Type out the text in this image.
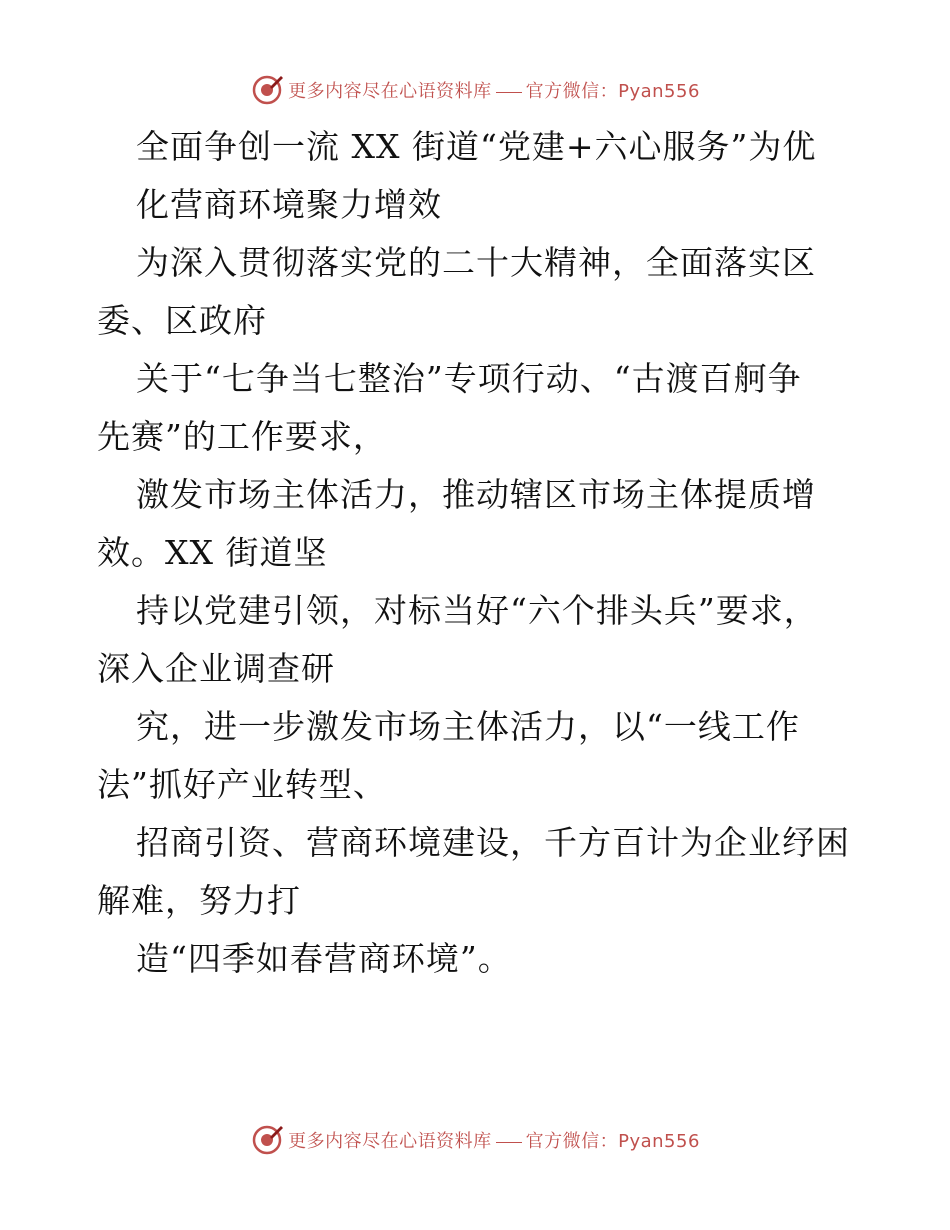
更多内容尽在心语资料库 官方微信：Pyan556
全面争创一流 XX 街道“党建+六心服务”为优
化营商环境聚力增效
为深入贯彻落实党的二十大精神，全面落实区
委、区政府
关于“七争当七整治”专项行动、“古渡百舸争
先赛”的工作要求，
激发市场主体活力，推动辖区市场主体提质增
效。XX 街道坚
持以党建引领，对标当好“六个排头兵”要求，
深入企业调查研
究，进一步激发市场主体活力，以“一线工作
法”抓好产业转型、
招商引资、营商环境建设，千方百计为企业纾困
解难，努力打
造“四季如春营商环境”。
更多内容尽在心语资料库 官方微信：Pyan556
